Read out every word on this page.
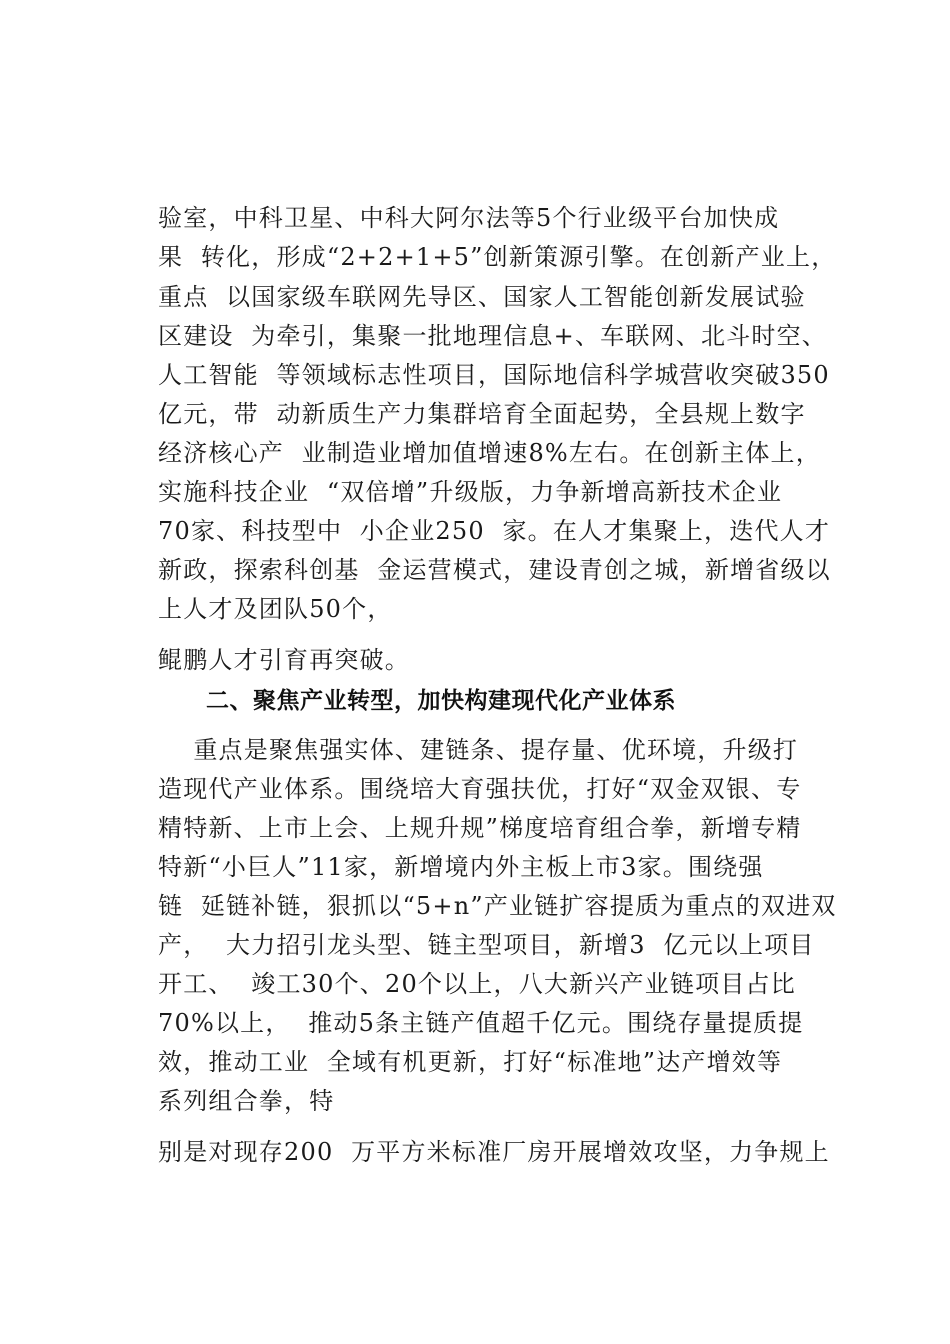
验室，中科卫星、中科大阿尔法等5个行业级平台加快成

果  转化，形成“2+2+1+5”创新策源引擎。在创新产业上，

重点  以国家级车联网先导区、国家人工智能创新发展试验

区建设  为牵引，集聚一批地理信息+、车联网、北斗时空、

人工智能  等领域标志性项目，国际地信科学城营收突破350

亿元，带  动新质生产力集群培育全面起势，全县规上数字

经济核心产  业制造业增加值增速8%左右。在创新主体上，

实施科技企业  “双倍增”升级版，力争新增高新技术企业

70家、科技型中  小企业250  家。在人才集聚上，迭代人才

新政，探索科创基  金运营模式，建设青创之城，新增省级以

上人才及团队50个，

鲲鹏人才引育再突破。

二、聚焦产业转型，加快构建现代化产业体系

重点是聚焦强实体、建链条、提存量、优环境，升级打

造现代产业体系。围绕培大育强扶优，打好“双金双银、专

精特新、上市上会、上规升规”梯度培育组合拳，新增专精

特新“小巨人”11家，新增境内外主板上市3家。围绕强

链  延链补链，狠抓以“5+n”产业链扩容提质为重点的双进双

产，  大力招引龙头型、链主型项目，新增3  亿元以上项目

开工、  竣工30个、20个以上，八大新兴产业链项目占比

70%以上，  推动5条主链产值超千亿元。围绕存量提质提

效，推动工业  全域有机更新，打好“标准地”达产增效等

系列组合拳，特

别是对现存200  万平方米标准厂房开展增效攻坚，力争规上
